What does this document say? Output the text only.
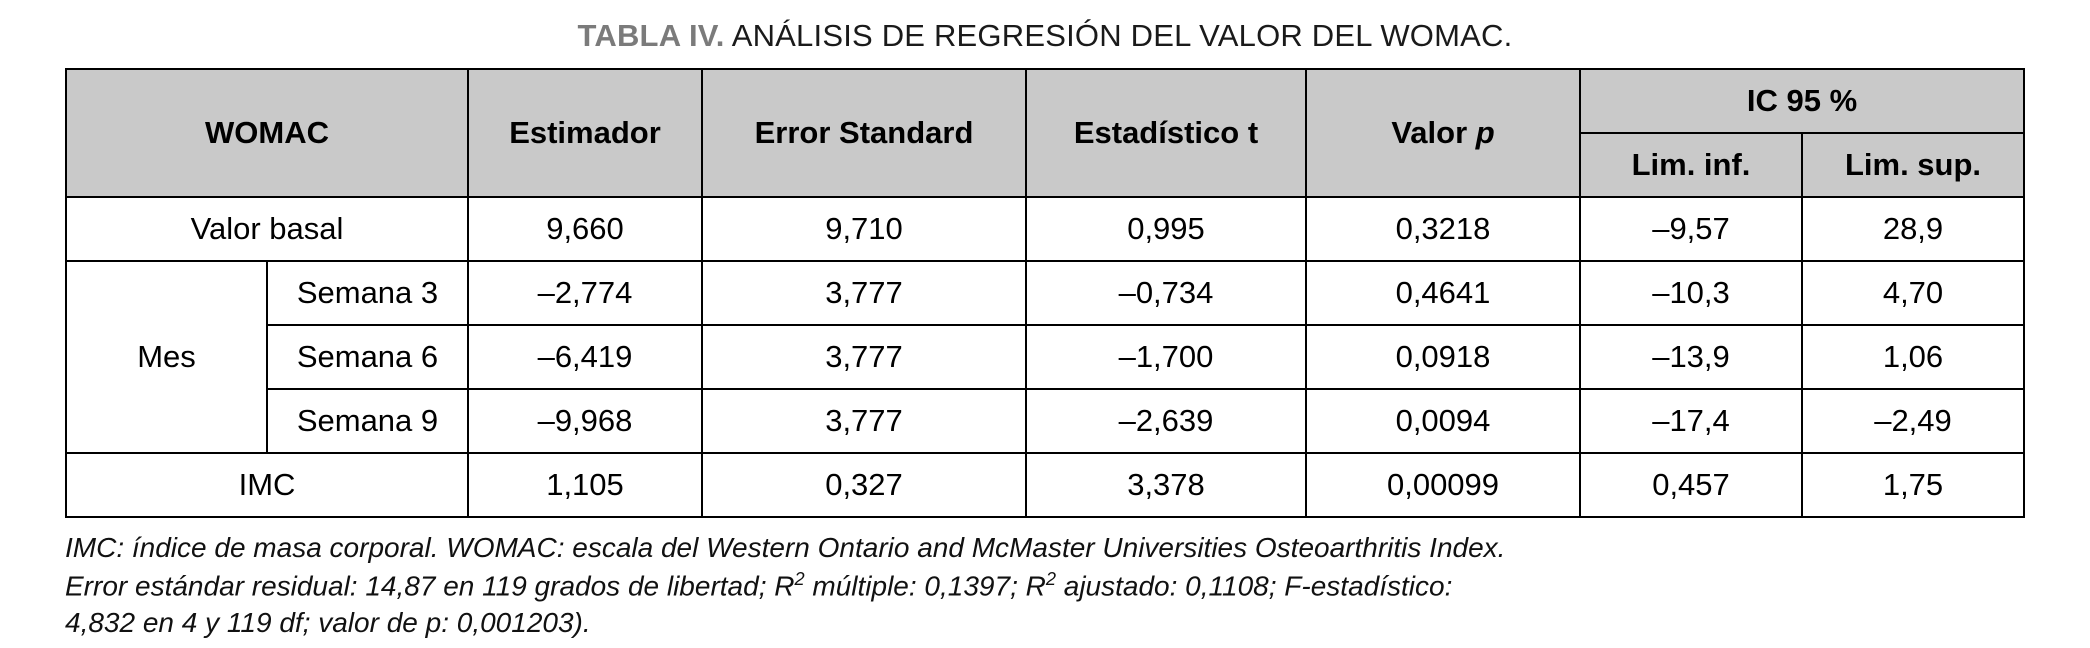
TABLA IV. ANÁLISIS DE REGRESIÓN DEL VALOR DEL WOMAC.
WOMAC		Estimador	Error Standard	Estadístico t	Valor p	IC 95 %	
						Lim. inf.	Lim. sup.
Valor basal		9,660	9,710	0,995	0,3218	–9,57	28,9
Mes	Semana 3	–2,774	3,777	–0,734	0,4641	–10,3	4,70
	Semana 6	–6,419	3,777	–1,700	0,0918	–13,9	1,06
	Semana 9	–9,968	3,777	–2,639	0,0094	–17,4	–2,49
IMC		1,105	0,327	3,378	0,00099	0,457	1,75
IMC: índice de masa corporal. WOMAC: escala del Western Ontario and McMaster Universities Osteoarthritis Index.
Error estándar residual: 14,87 en 119 grados de libertad; $R^2$ múltiple: 0,1397; $R^2$ ajustado: 0,1108; F-estadístico:
4,832 en 4 y 119 df; valor de p: 0,001203).
